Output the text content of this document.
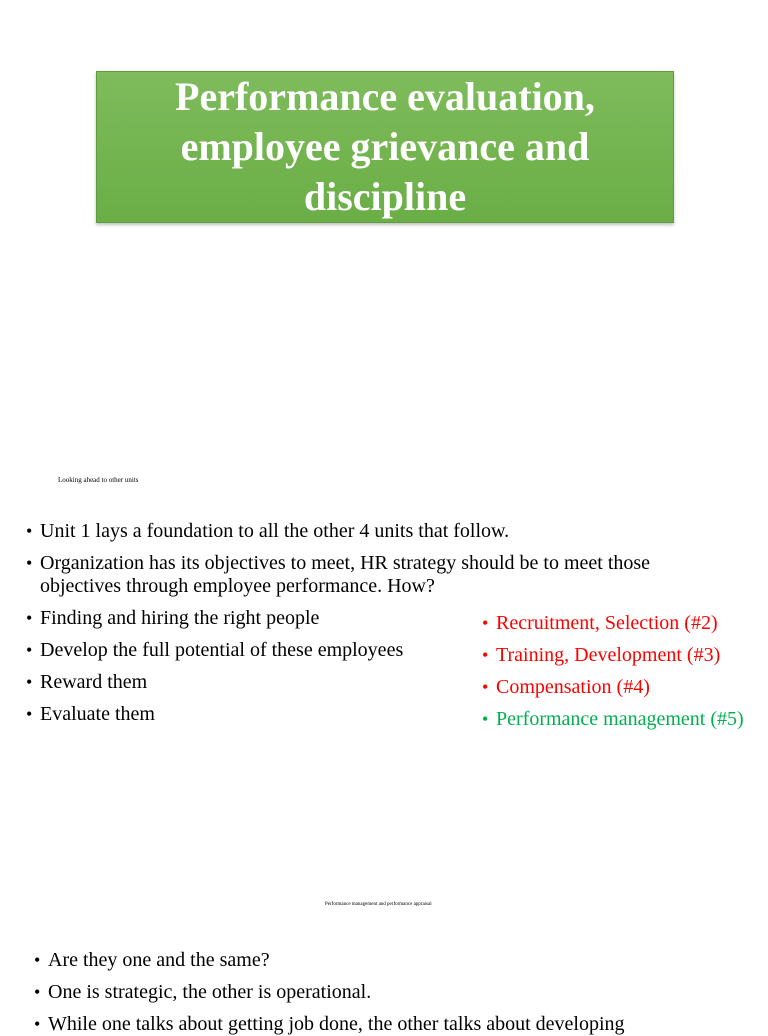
Performance evaluation, employee grievance and discipline
Looking ahead to other units
• Unit 1 lays a foundation to all the other 4 units that follow.
• Organization has its objectives to meet, HR strategy should be to meet those objectives through employee performance. How?
• Finding and hiring the right people
• Develop the full potential of these employees
• Reward them
• Evaluate them
• Recruitment, Selection (#2)
• Training, Development (#3)
• Compensation (#4)
• Performance management (#5)
Performance management and performance appraisal
• Are they one and the same?
• One is strategic, the other is operational.
• While one talks about getting job done, the other talks about developing
